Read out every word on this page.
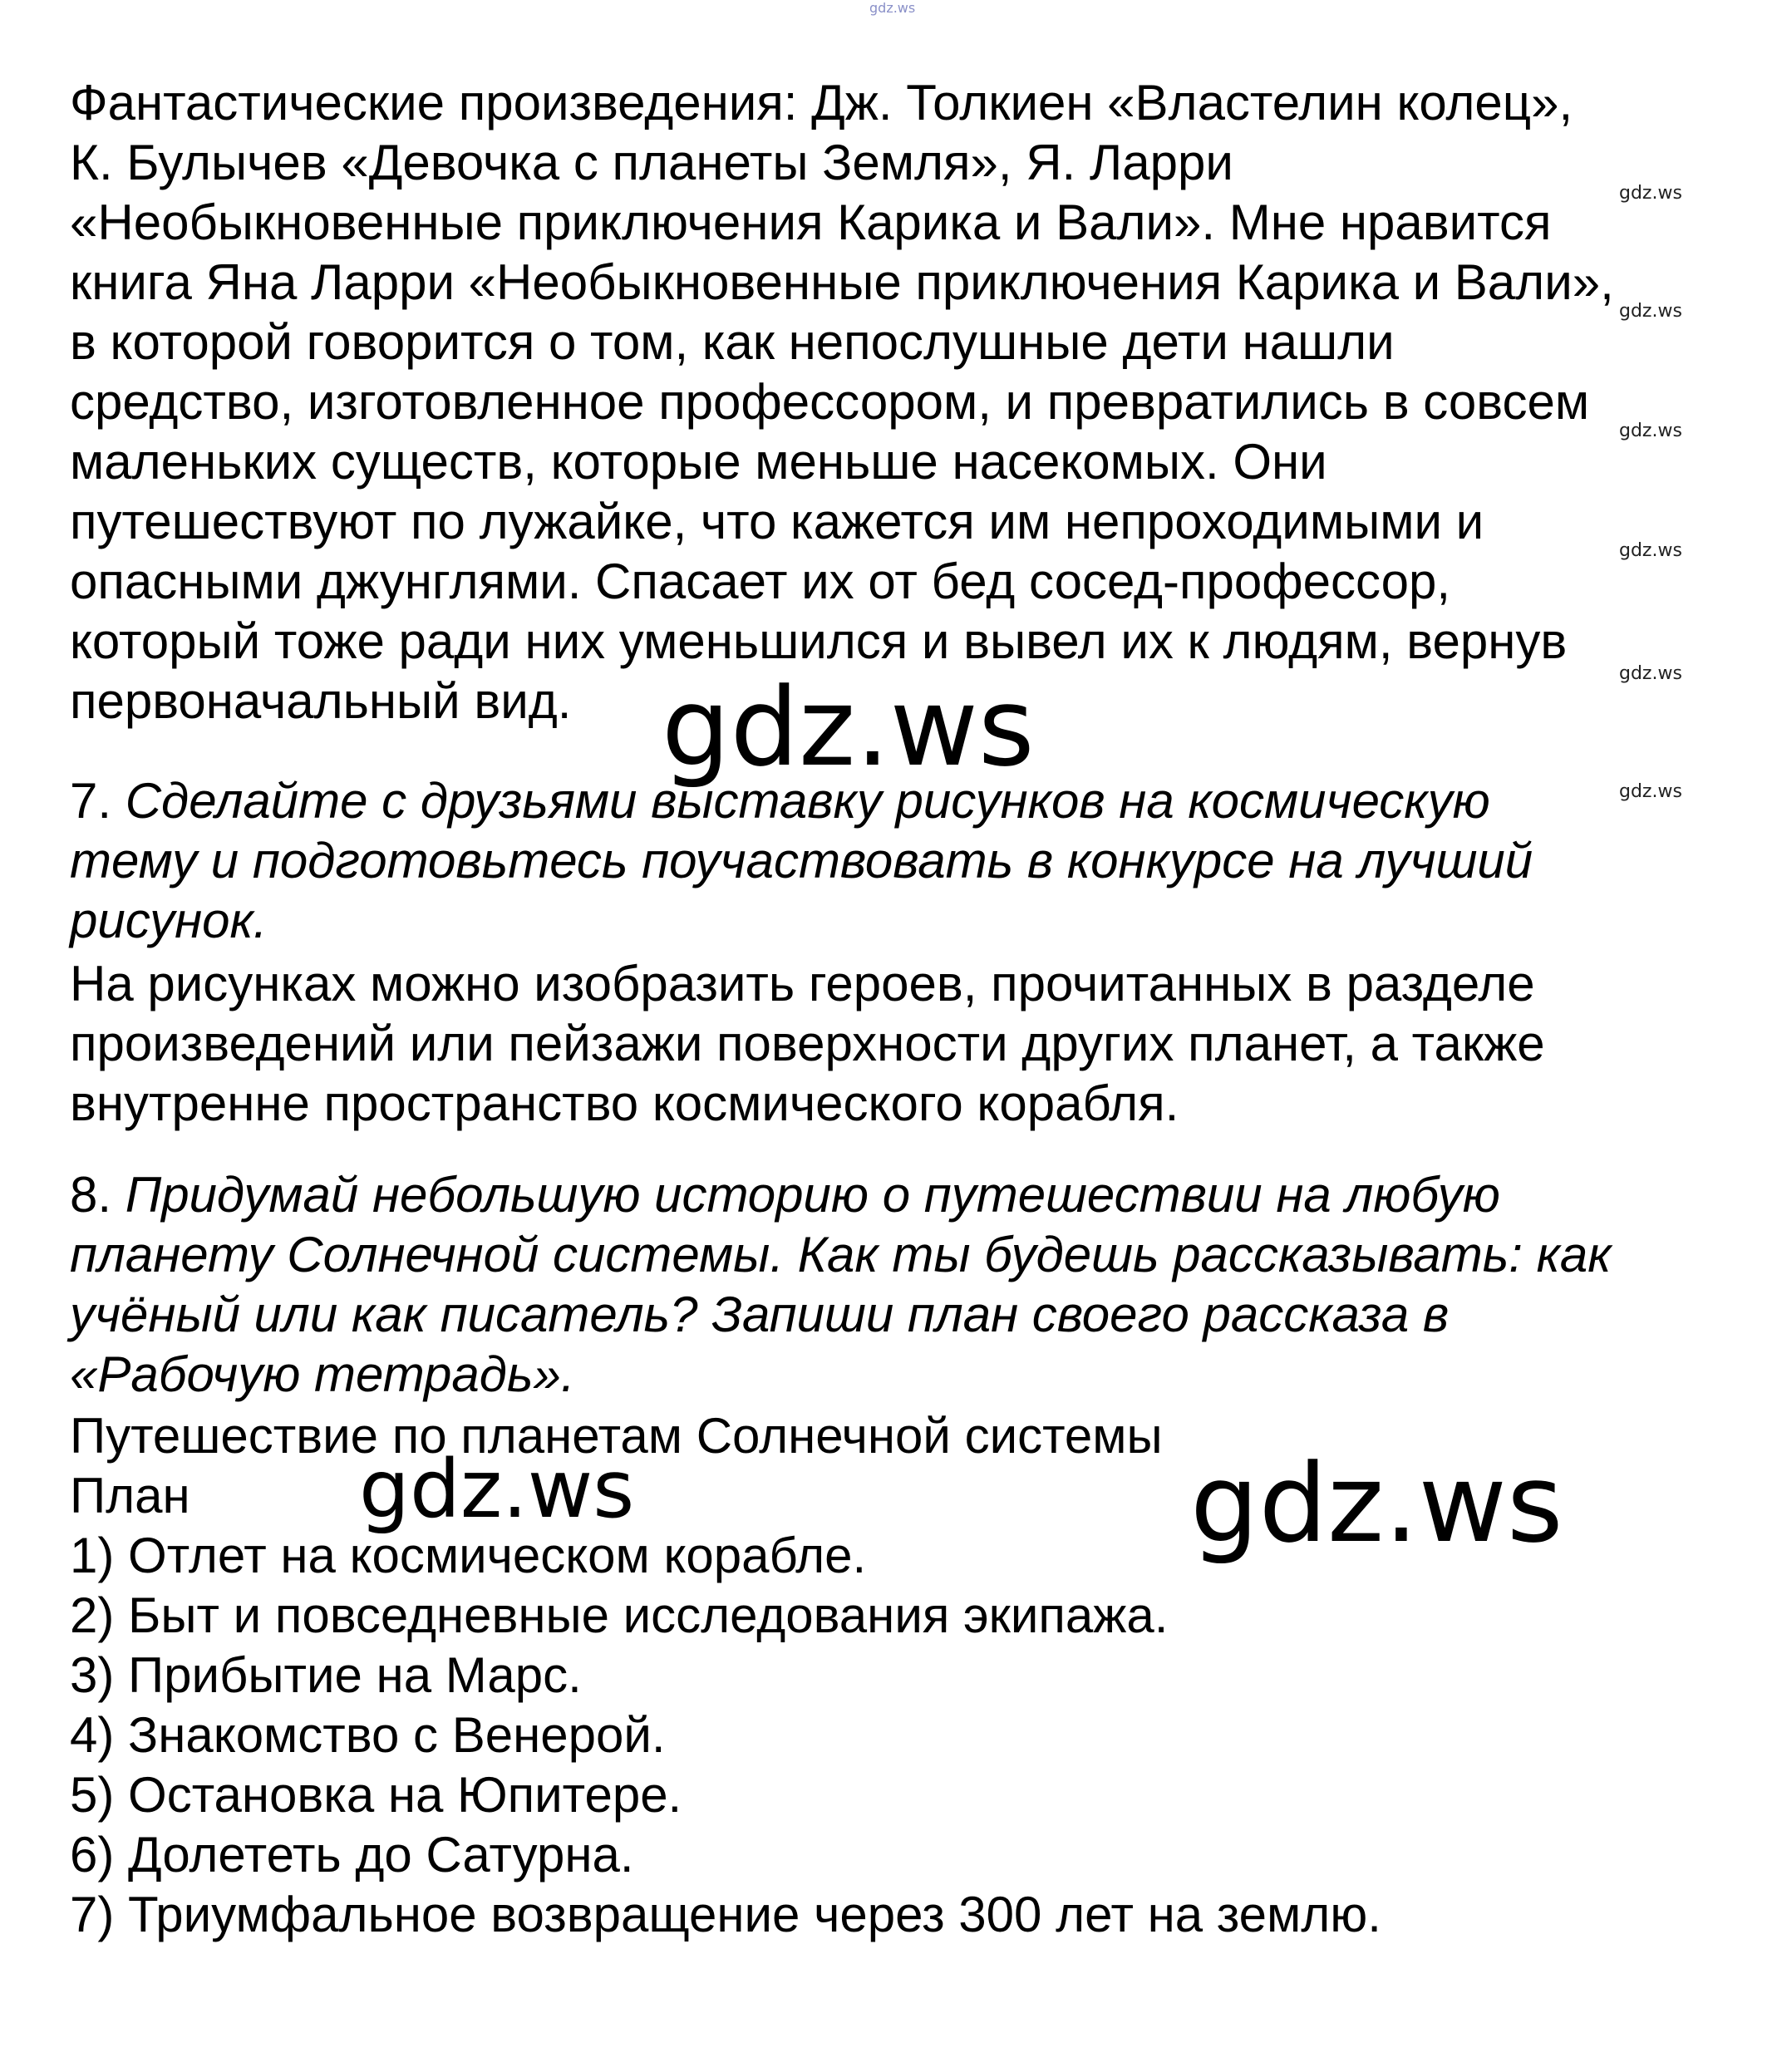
gdz.ws
Фантастические произведения: Дж. Толкиен «Властелин колец»,
К. Булычев «Девочка с планеты Земля», Я. Ларри
«Необыкновенные приключения Карика и Вали». Мне нравится
книга Яна Ларри «Необыкновенные приключения Карика и Вали»,
в которой говорится о том, как непослушные дети нашли
средство, изготовленное профессором, и превратились в совсем
маленьких существ, которые меньше насекомых. Они
путешествуют по лужайке, что кажется им непроходимыми и
опасными джунглями. Спасает их от бед сосед-профессор,
который тоже ради них уменьшился и вывел их к людям, вернув
первоначальный вид.
7. Сделайте с друзьями выставку рисунков на космическую
тему и подготовьтесь поучаствовать в конкурсе на лучший
рисунок.
На рисунках можно изобразить героев, прочитанных в разделе
произведений или пейзажи поверхности других планет, а также
внутренне пространство космического корабля.
8. Придумай небольшую историю о путешествии на любую
планету Солнечной системы. Как ты будешь рассказывать: как
учёный или как писатель? Запиши план своего рассказа в
«Рабочую тетрадь».
Путешествие по планетам Солнечной системы
План
1) Отлет на космическом корабле.
2) Быт и повседневные исследования экипажа.
3) Прибытие на Марс.
4) Знакомство с Венерой.
5) Остановка на Юпитере.
6) Долететь до Сатурна.
7) Триумфальное возвращение через 300 лет на землю.
gdz.ws
gdz.ws
gdz.ws
gdz.ws
gdz.ws
gdz.ws
gdz.ws
gdz.ws	gdz.ws
